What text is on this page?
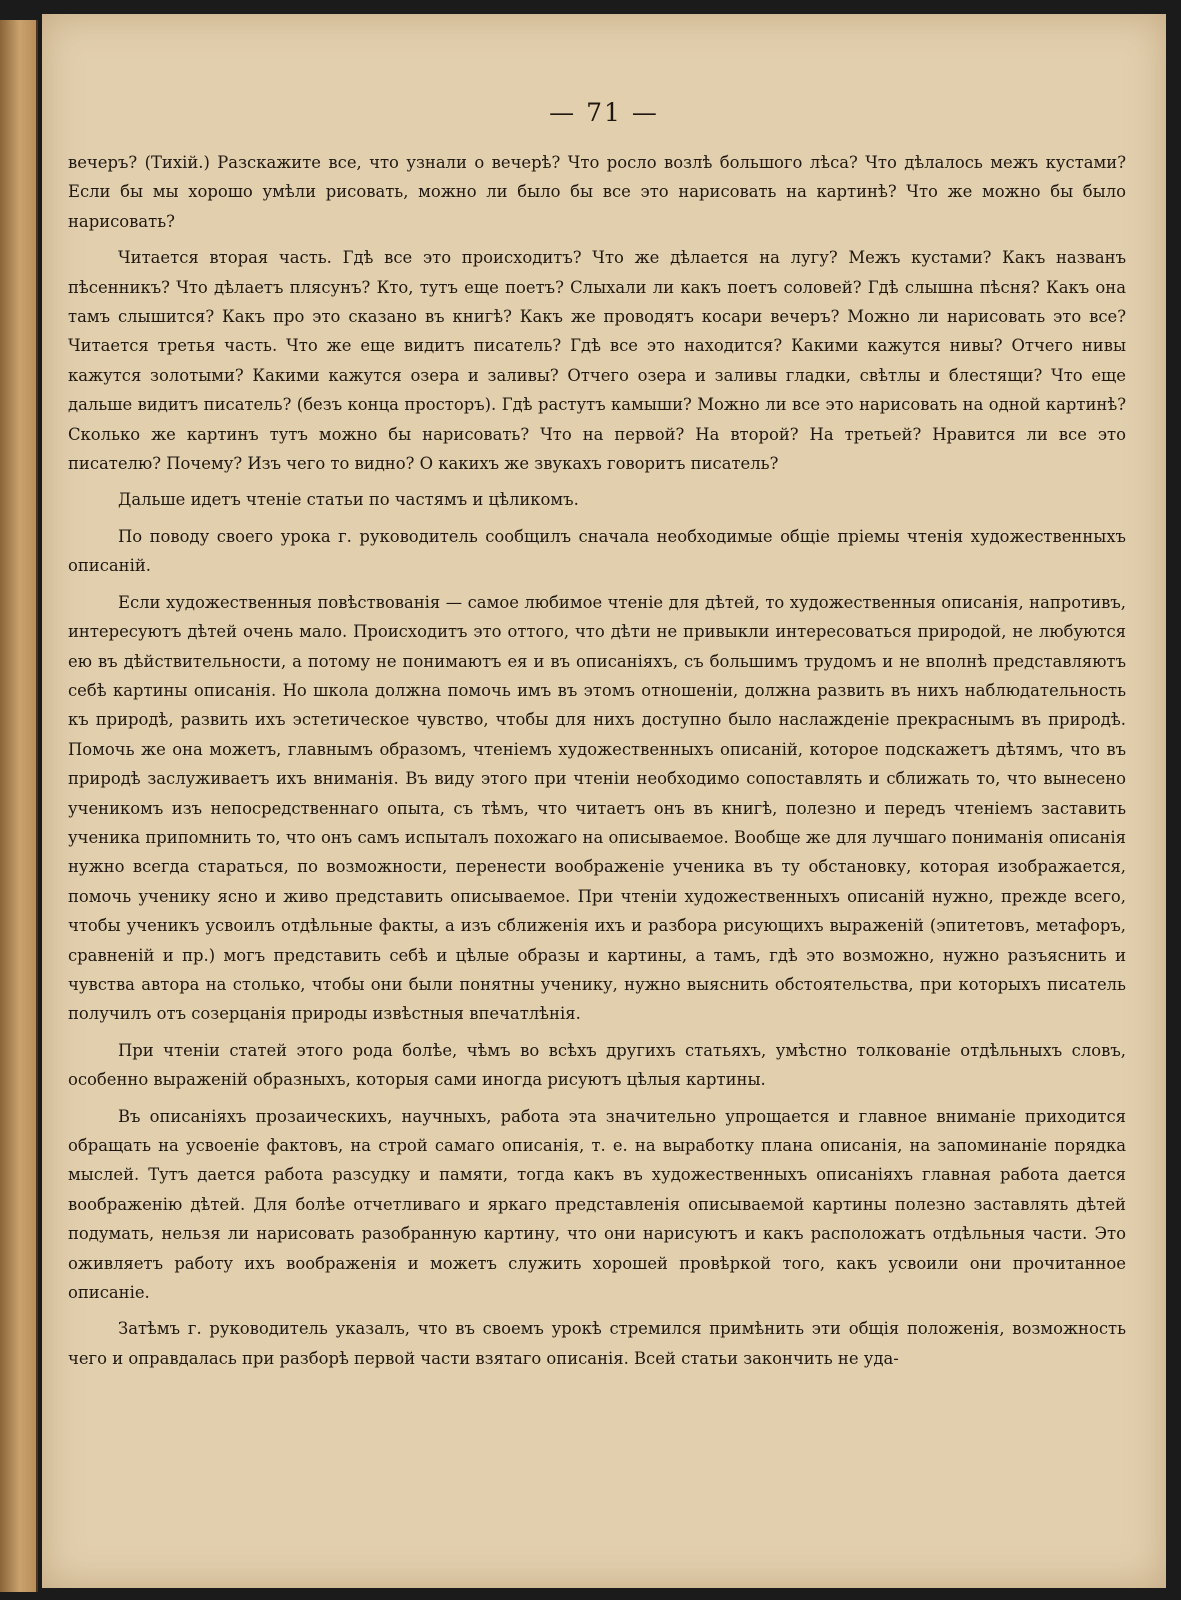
— 71 —

вечеръ? (Тихій.) Разскажите все, что узнали о вечерѣ? Что росло возлѣ большого лѣса? Что дѣлалось межъ кустами? Если бы мы хорошо умѣли рисовать, можно ли было бы все это нарисовать на картинѣ? Что же можно бы было нарисовать?

Читается вторая часть. Гдѣ все это происходитъ? Что же дѣлается на лугу? Межъ кустами? Какъ названъ пѣсенникъ? Что дѣлаетъ плясунъ? Кто, тутъ еще поетъ? Слыхали ли какъ поетъ соловей? Гдѣ слышна пѣсня? Какъ она тамъ слышится? Какъ про это сказано въ книгѣ? Какъ же проводятъ косари вечеръ? Можно ли нарисовать это все? Читается третья часть. Что же еще видитъ писатель? Гдѣ все это находится? Какими кажутся нивы? Отчего нивы кажутся золотыми? Какими кажутся озера и заливы? Отчего озера и заливы гладки, свѣтлы и блестящи? Что еще дальше видитъ писатель? (безъ конца просторъ). Гдѣ растутъ камыши? Можно ли все это нарисовать на одной картинѣ? Сколько же картинъ тутъ можно бы нарисовать? Что на первой? На второй? На третьей? Нравится ли все это писателю? Почему? Изъ чего то видно? О какихъ же звукахъ говоритъ писатель?

Дальше идетъ чтеніе статьи по частямъ и цѣликомъ.

По поводу своего урока г. руководитель сообщилъ сначала необходимые общіе пріемы чтенія художественныхъ описаній.

Если художественныя повѣствованія — самое любимое чтеніе для дѣтей, то художественныя описанія, напротивъ, интересуютъ дѣтей очень мало. Происходитъ это оттого, что дѣти не привыкли интересоваться природой, не любуются ею въ дѣйствительности, а потому не понимаютъ ея и въ описаніяхъ, съ большимъ трудомъ и не вполнѣ представляютъ себѣ картины описанія. Но школа должна помочь имъ въ этомъ отношеніи, должна развить въ нихъ наблюдательность къ природѣ, развить ихъ эстетическое чувство, чтобы для нихъ доступно было наслажденіе прекраснымъ въ природѣ. Помочь же она можетъ, главнымъ образомъ, чтеніемъ художественныхъ описаній, которое подскажетъ дѣтямъ, что въ природѣ заслуживаетъ ихъ вниманія. Въ виду этого при чтеніи необходимо сопоставлять и сближать то, что вынесено ученикомъ изъ непосредственнаго опыта, съ тѣмъ, что читаетъ онъ въ книгѣ, полезно и передъ чтеніемъ заставить ученика припомнить то, что онъ самъ испыталъ похожаго на описываемое. Вообще же для лучшаго пониманія описанія нужно всегда стараться, по возможности, перенести воображеніе ученика въ ту обстановку, которая изображается, помочь ученику ясно и живо представить описываемое. При чтеніи художественныхъ описаній нужно, прежде всего, чтобы ученикъ усвоилъ отдѣльные факты, а изъ сближенія ихъ и разбора рисующихъ выраженій (эпитетовъ, метафоръ, сравненій и пр.) могъ представить себѣ и цѣлые образы и картины, а тамъ, гдѣ это возможно, нужно разъяснить и чувства автора на столько, чтобы они были понятны ученику, нужно выяснить обстоятельства, при которыхъ писатель получилъ отъ созерцанія природы извѣстныя впечатлѣнія.

При чтеніи статей этого рода болѣе, чѣмъ во всѣхъ другихъ статьяхъ, умѣстно толкованіе отдѣльныхъ словъ, особенно выраженій образныхъ, которыя сами иногда рисуютъ цѣлыя картины.

Въ описаніяхъ прозаическихъ, научныхъ, работа эта значительно упрощается и главное вниманіе приходится обращать на усвоеніе фактовъ, на строй самаго описанія, т. е. на выработку плана описанія, на запоминаніе порядка мыслей. Тутъ дается работа разсудку и памяти, тогда какъ въ художественныхъ описаніяхъ главная работа дается воображенію дѣтей. Для болѣе отчетливаго и яркаго представленія описываемой картины полезно заставлять дѣтей подумать, нельзя ли нарисовать разобранную картину, что они нарисуютъ и какъ расположатъ отдѣльныя части. Это оживляетъ работу ихъ воображенія и можетъ служить хорошей провѣркой того, какъ усвоили они прочитанное описаніе.

Затѣмъ г. руководитель указалъ, что въ своемъ урокѣ стремился примѣнить эти общія положенія, возможность чего и оправдалась при разборѣ первой части взятаго описанія. Всей статьи закончить не уда-
